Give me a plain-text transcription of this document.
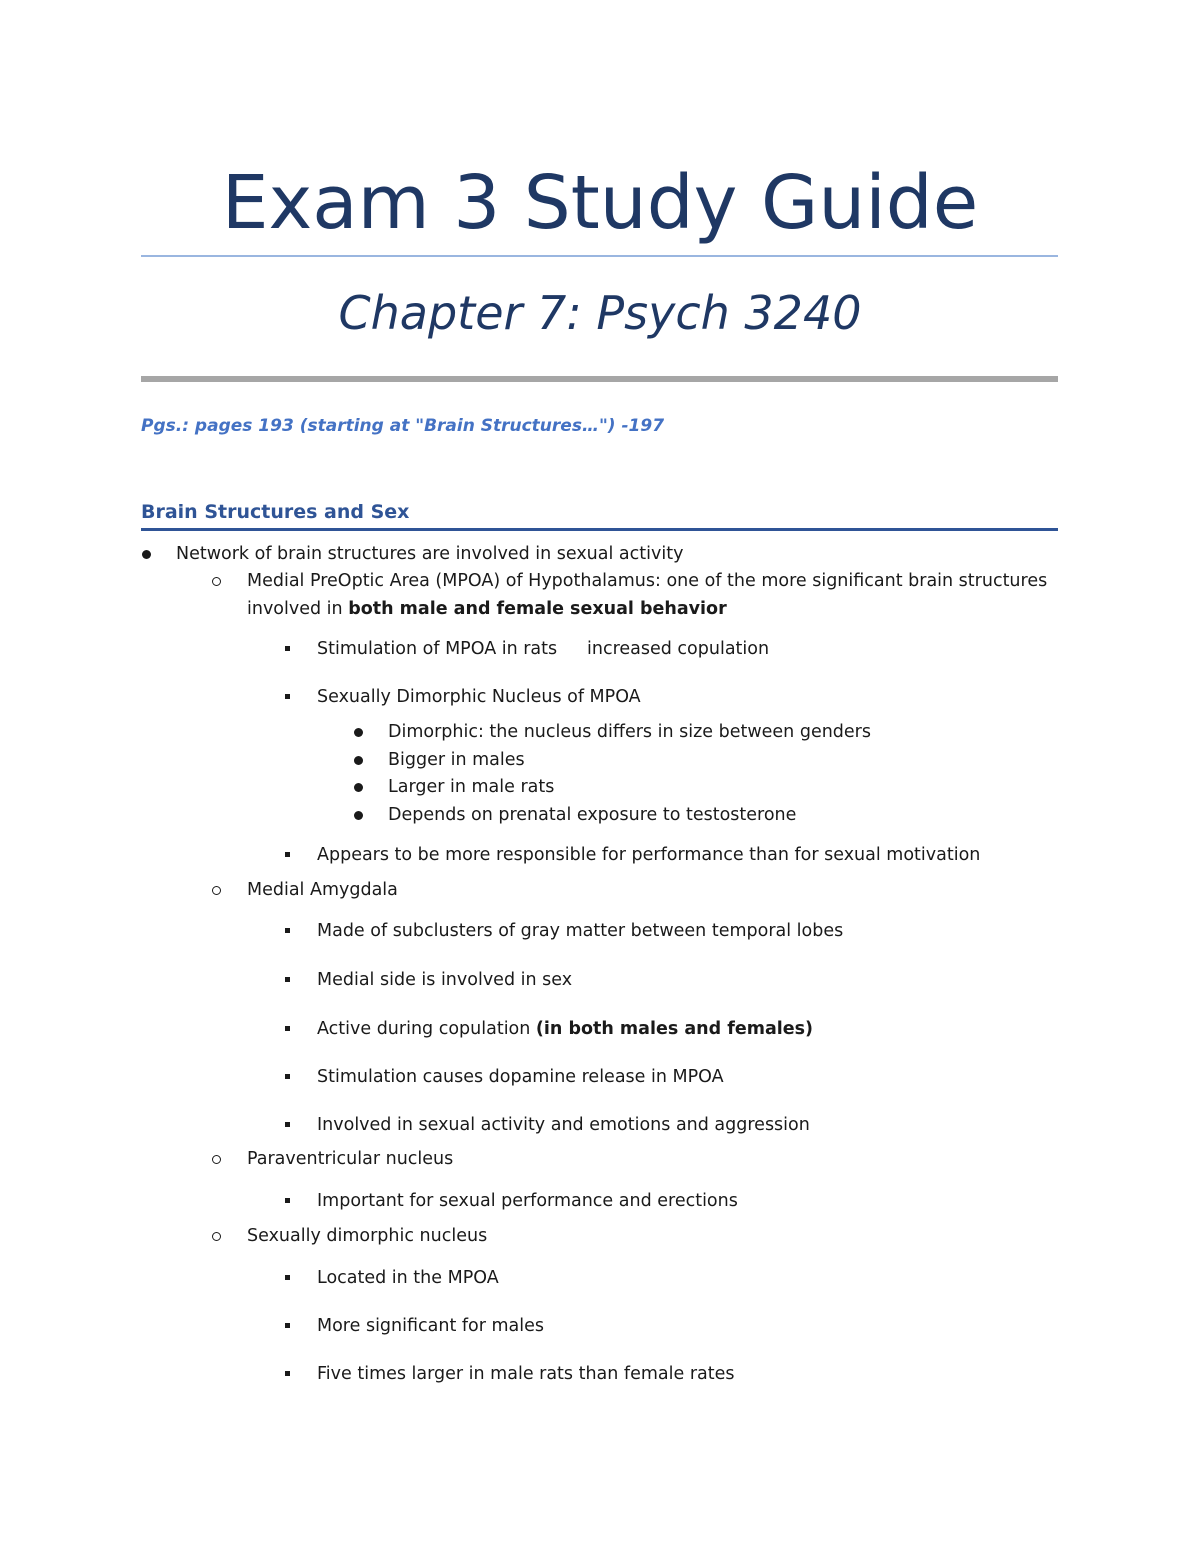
Exam 3 Study Guide
Chapter 7: Psych 3240
Pgs.: pages 193 (starting at "Brain Structures…") -197
Brain Structures and Sex
Network of brain structures are involved in sexual activity
Medial PreOptic Area (MPOA) of Hypothalamus: one of the more significant brain structures
involved in both male and female sexual behavior
Stimulation of MPOA in rats increased copulation
Sexually Dimorphic Nucleus of MPOA
Dimorphic: the nucleus differs in size between genders
Bigger in males
Larger in male rats
Depends on prenatal exposure to testosterone
Appears to be more responsible for performance than for sexual motivation
Medial Amygdala
Made of subclusters of gray matter between temporal lobes
Medial side is involved in sex
Active during copulation (in both males and females)
Stimulation causes dopamine release in MPOA
Involved in sexual activity and emotions and aggression
Paraventricular nucleus
Important for sexual performance and erections
Sexually dimorphic nucleus
Located in the MPOA
More significant for males
Five times larger in male rats than female rates
